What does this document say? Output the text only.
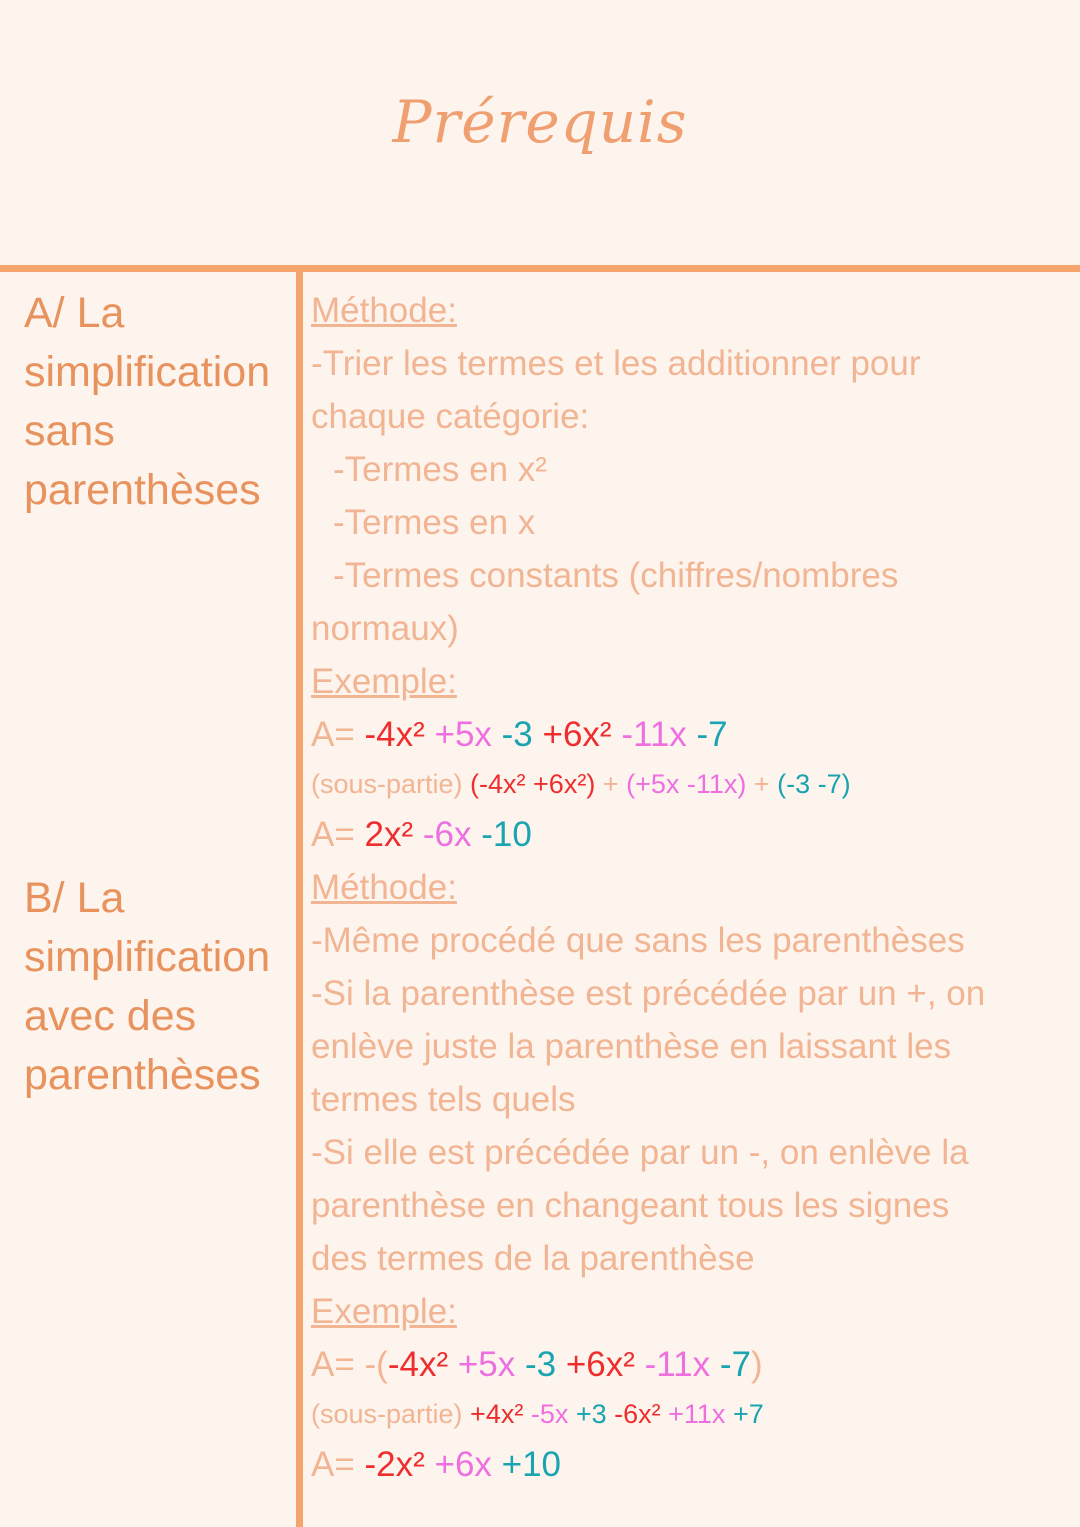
Prérequis
A/ La
simplification
sans
parenthèses
B/ La
simplification
avec des
parenthèses
Méthode:
-Trier les termes et les additionner pour
chaque catégorie:
-Termes en x²
-Termes en x
-Termes constants (chiffres/nombres
normaux)
Exemple:
A= -4x² +5x -3 +6x² -11x -7
(sous-partie) (-4x² +6x²) + (+5x -11x) + (-3 -7)
A= 2x² -6x -10
Méthode:
-Même procédé que sans les parenthèses
-Si la parenthèse est précédée par un +, on
enlève juste la parenthèse en laissant les
termes tels quels
-Si elle est précédée par un -, on enlève la
parenthèse en changeant tous les signes
des termes de la parenthèse
Exemple:
A= -(-4x² +5x -3 +6x² -11x -7)
(sous-partie) +4x² -5x +3 -6x² +11x +7
A= -2x² +6x +10
